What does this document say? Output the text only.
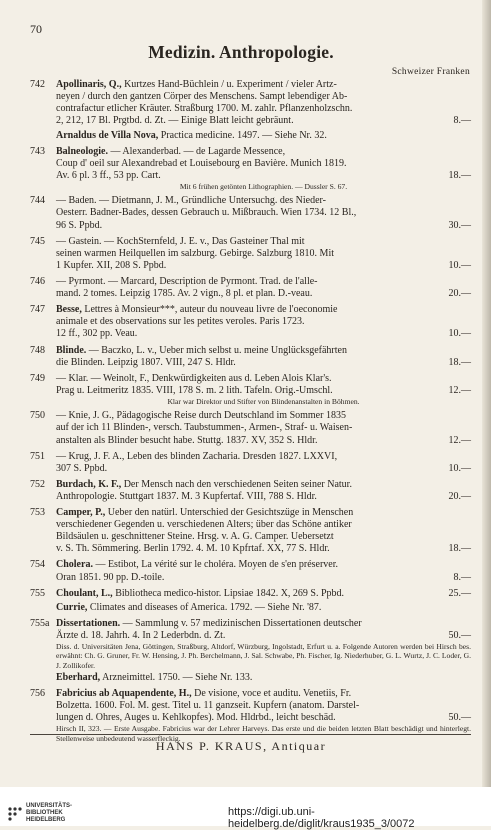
70
Medizin. Anthropologie.
Schweizer Franken
742 Apollinaris, Q., Kurtzes Hand-Büchlein / u. Experiment / vieler Artz-
neyen / durch den gantzen Cörper des Menschens. Sampt lebendiger Ab-
contrafactur etlicher Kräuter. Straßburg 1700. M. zahlr. Pflanzenholzschn.
2, 212, 17 Bl. Prgtbd. d. Zt. — Einige Blatt leicht gebräunt.	8.—
Arnaldus de Villa Nova, Practica medicine. 1497. — Siehe Nr. 32.
743 Balneologie. — Alexanderbad. — de Lagarde Messence,
Coup d' oeil sur Alexandrebad et Louisebourg en Bavière. Munich 1819.
Av. 6 pl. 3 ff., 53 pp. Cart.	18.—
Mit 6 frühen getönten Lithographien. — Dussler S. 67.
744 — Baden. — Dietmann, J. M., Gründliche Untersuchg. des Nieder-
Oesterr. Badner-Bades, dessen Gebrauch u. Mißbrauch. Wien 1734. 12 Bl.,
96 S. Ppbd.	30.—
745 — Gastein. — KochSternfeld, J. E. v., Das Gasteiner Thal mit
seinen warmen Heilquellen im salzburg. Gebirge. Salzburg 1810. Mit
1 Kupfer. XII, 208 S. Ppbd.	10.—
746 — Pyrmont. — Marcard, Description de Pyrmont. Trad. de l'alle-
mand. 2 tomes. Leipzig 1785. Av. 2 vign., 8 pl. et plan. D.-veau.	20.—
747 Besse, Lettres à Monsieur***, auteur du nouveau livre de l'oeconomie
animale et des observations sur les petites veroles. Paris 1723.
12 ff., 302 pp. Veau.	10.—
748 Blinde. — Baczko, L. v., Ueber mich selbst u. meine Unglücksgefährten
die Blinden. Leipzig 1807. VIII, 247 S. Hldr.	18.—
749 — Klar. — Weinolt, F., Denkwürdigkeiten aus d. Leben Alois Klar's.
Prag u. Leitmeritz 1835. VIII, 178 S. m. 2 lith. Tafeln. Orig.-Umschl.	12.—
Klar war Direktor und Stifter von Blindenanstalten in Böhmen.
750 — Knie, J. G., Pädagogische Reise durch Deutschland im Sommer 1835
auf der ich 11 Blinden-, versch. Taubstummen-, Armen-, Straf- u. Waisen-
anstalten als Blinder besucht habe. Stuttg. 1837. XV, 352 S. Hldr.	12.—
751 — Krug, J. F. A., Leben des blinden Zacharia. Dresden 1827. LXXVI,
307 S. Ppbd.	10.—
752 Burdach, K. F., Der Mensch nach den verschiedenen Seiten seiner Natur.
Anthropologie. Stuttgart 1837. M. 3 Kupfertaf. VIII, 788 S. Hldr.	20.—
753 Camper, P., Ueber den natürl. Unterschied der Gesichtszüge in Menschen
verschiedener Gegenden u. verschiedenen Alters; über das Schöne antiker
Bildsäulen u. geschnittener Steine. Hrsg. v. A. G. Camper. Uebersetzt
v. S. Th. Sömmering. Berlin 1792. 4. M. 10 Kpfrtaf. XX, 77 S. Hldr.	18.—
754 Cholera. — Estibot, La vérité sur le choléra. Moyen de s'en préserver.
Oran 1851. 90 pp. D.-toile.	8.—
755 Choulant, L., Bibliotheca medico-histor. Lipsiae 1842. X, 269 S. Ppbd.	25.—
Currie, Climates and diseases of America. 1792. — Siehe Nr. '87.
755a Dissertationen. — Sammlung v. 57 medizinischen Dissertationen deutscher
Ärzte d. 18. Jahrh. 4. In 2 Lederbdn. d. Zt.	50.—
Diss. d. Universitäten Jena, Göttingen, Straßburg, Altdorf, Würzburg, Ingolstadt, Erfurt u. a. Folgende Autoren werden bei Hirsch bes. erwähnt: Ch. G. Gruner, Fr. W. Hensing, J. Ph. Berchelmann, J. Sal. Schwabe, Ph. Fischer, Ig. Niederhuber, G. L. Wurtz, J. C. Loder, G. J. Zollikofer.
Eberhard, Arzneimittel. 1750. — Siehe Nr. 133.
756 Fabricius ab Aquapendente, H., De visione, voce et auditu. Venetiis, Fr.
Bolzetta. 1600. Fol. M. gest. Titel u. 11 ganzseit. Kupfern (anatom. Darstel-
lungen d. Ohres, Auges u. Kehlkopfes). Mod. Hldrbd., leicht beschäd.	50.—
Hirsch II, 323. — Erste Ausgabe. Fabricius war der Lehrer Harveys. Das erste und die beiden letzten Blatt beschädigt und hinterlegt. Stellenweise unbedeutend wasserfleckig.
HANS P. KRAUS, Antiquar
UNIVERSITÄTS-
BIBLIOTHEK
HEIDELBERG
https://digi.ub.uni-heidelberg.de/diglit/kraus1935_3/0072
